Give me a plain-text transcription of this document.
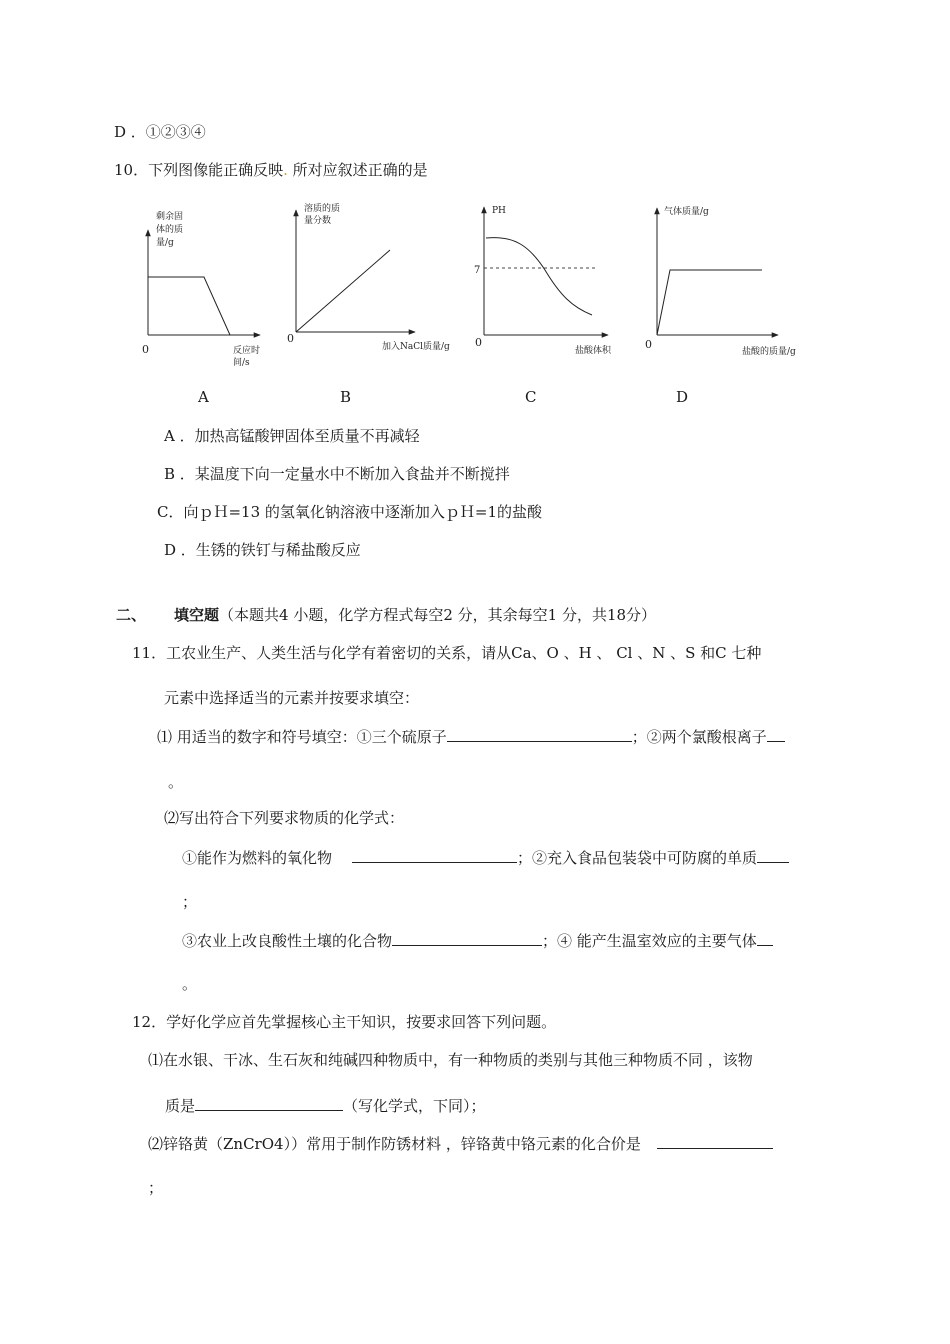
D ．①②③④
10．下列图像能正确反映. 所对应叙述正确的是
剩余固
体的质
量/g
0	反应时
间/s
溶质的质
量分数
0
加入NaCl质量/g
PH
7
0
盐酸体积
气体质量/g
0
盐酸的质量/g
A	B	C	D
A ．加热高锰酸钾固体至质量不再减轻
B ．某温度下向一定量水中不断加入食盐并不断搅拌
C．向ｐＨ=13 的氢氧化钠溶液中逐渐加入ｐＨ=1的盐酸
D ．生锈的铁钉与稀盐酸反应
二、 填空题（本题共4 小题，化学方程式每空2 分，其余每空1 分，共18分）
11．工农业生产、人类生活与化学有着密切的关系，请从Ca、O 、H 、 Cl 、N 、S 和C 七种
元素中选择适当的元素并按要求填空：
⑴ 用适当的数字和符号填空：①三个硫原子	；②两个氯酸根离子
。
⑵写出符合下列要求物质的化学式：
①能作为燃料的氧化物	；②充入食品包装袋中可防腐的单质
；
③农业上改良酸性土壤的化合物	；④ 能产生温室效应的主要气体
。
12．学好化学应首先掌握核心主干知识，按要求回答下列问题。
⑴在水银、干冰、生石灰和纯碱四种物质中，有一种物质的类别与其他三种物质不同 ，该物
质是	（写化学式，下同）；
⑵锌铬黄（ZnCrO4））常用于制作防锈材料 ，锌铬黄中铬元素的化合价是
；
